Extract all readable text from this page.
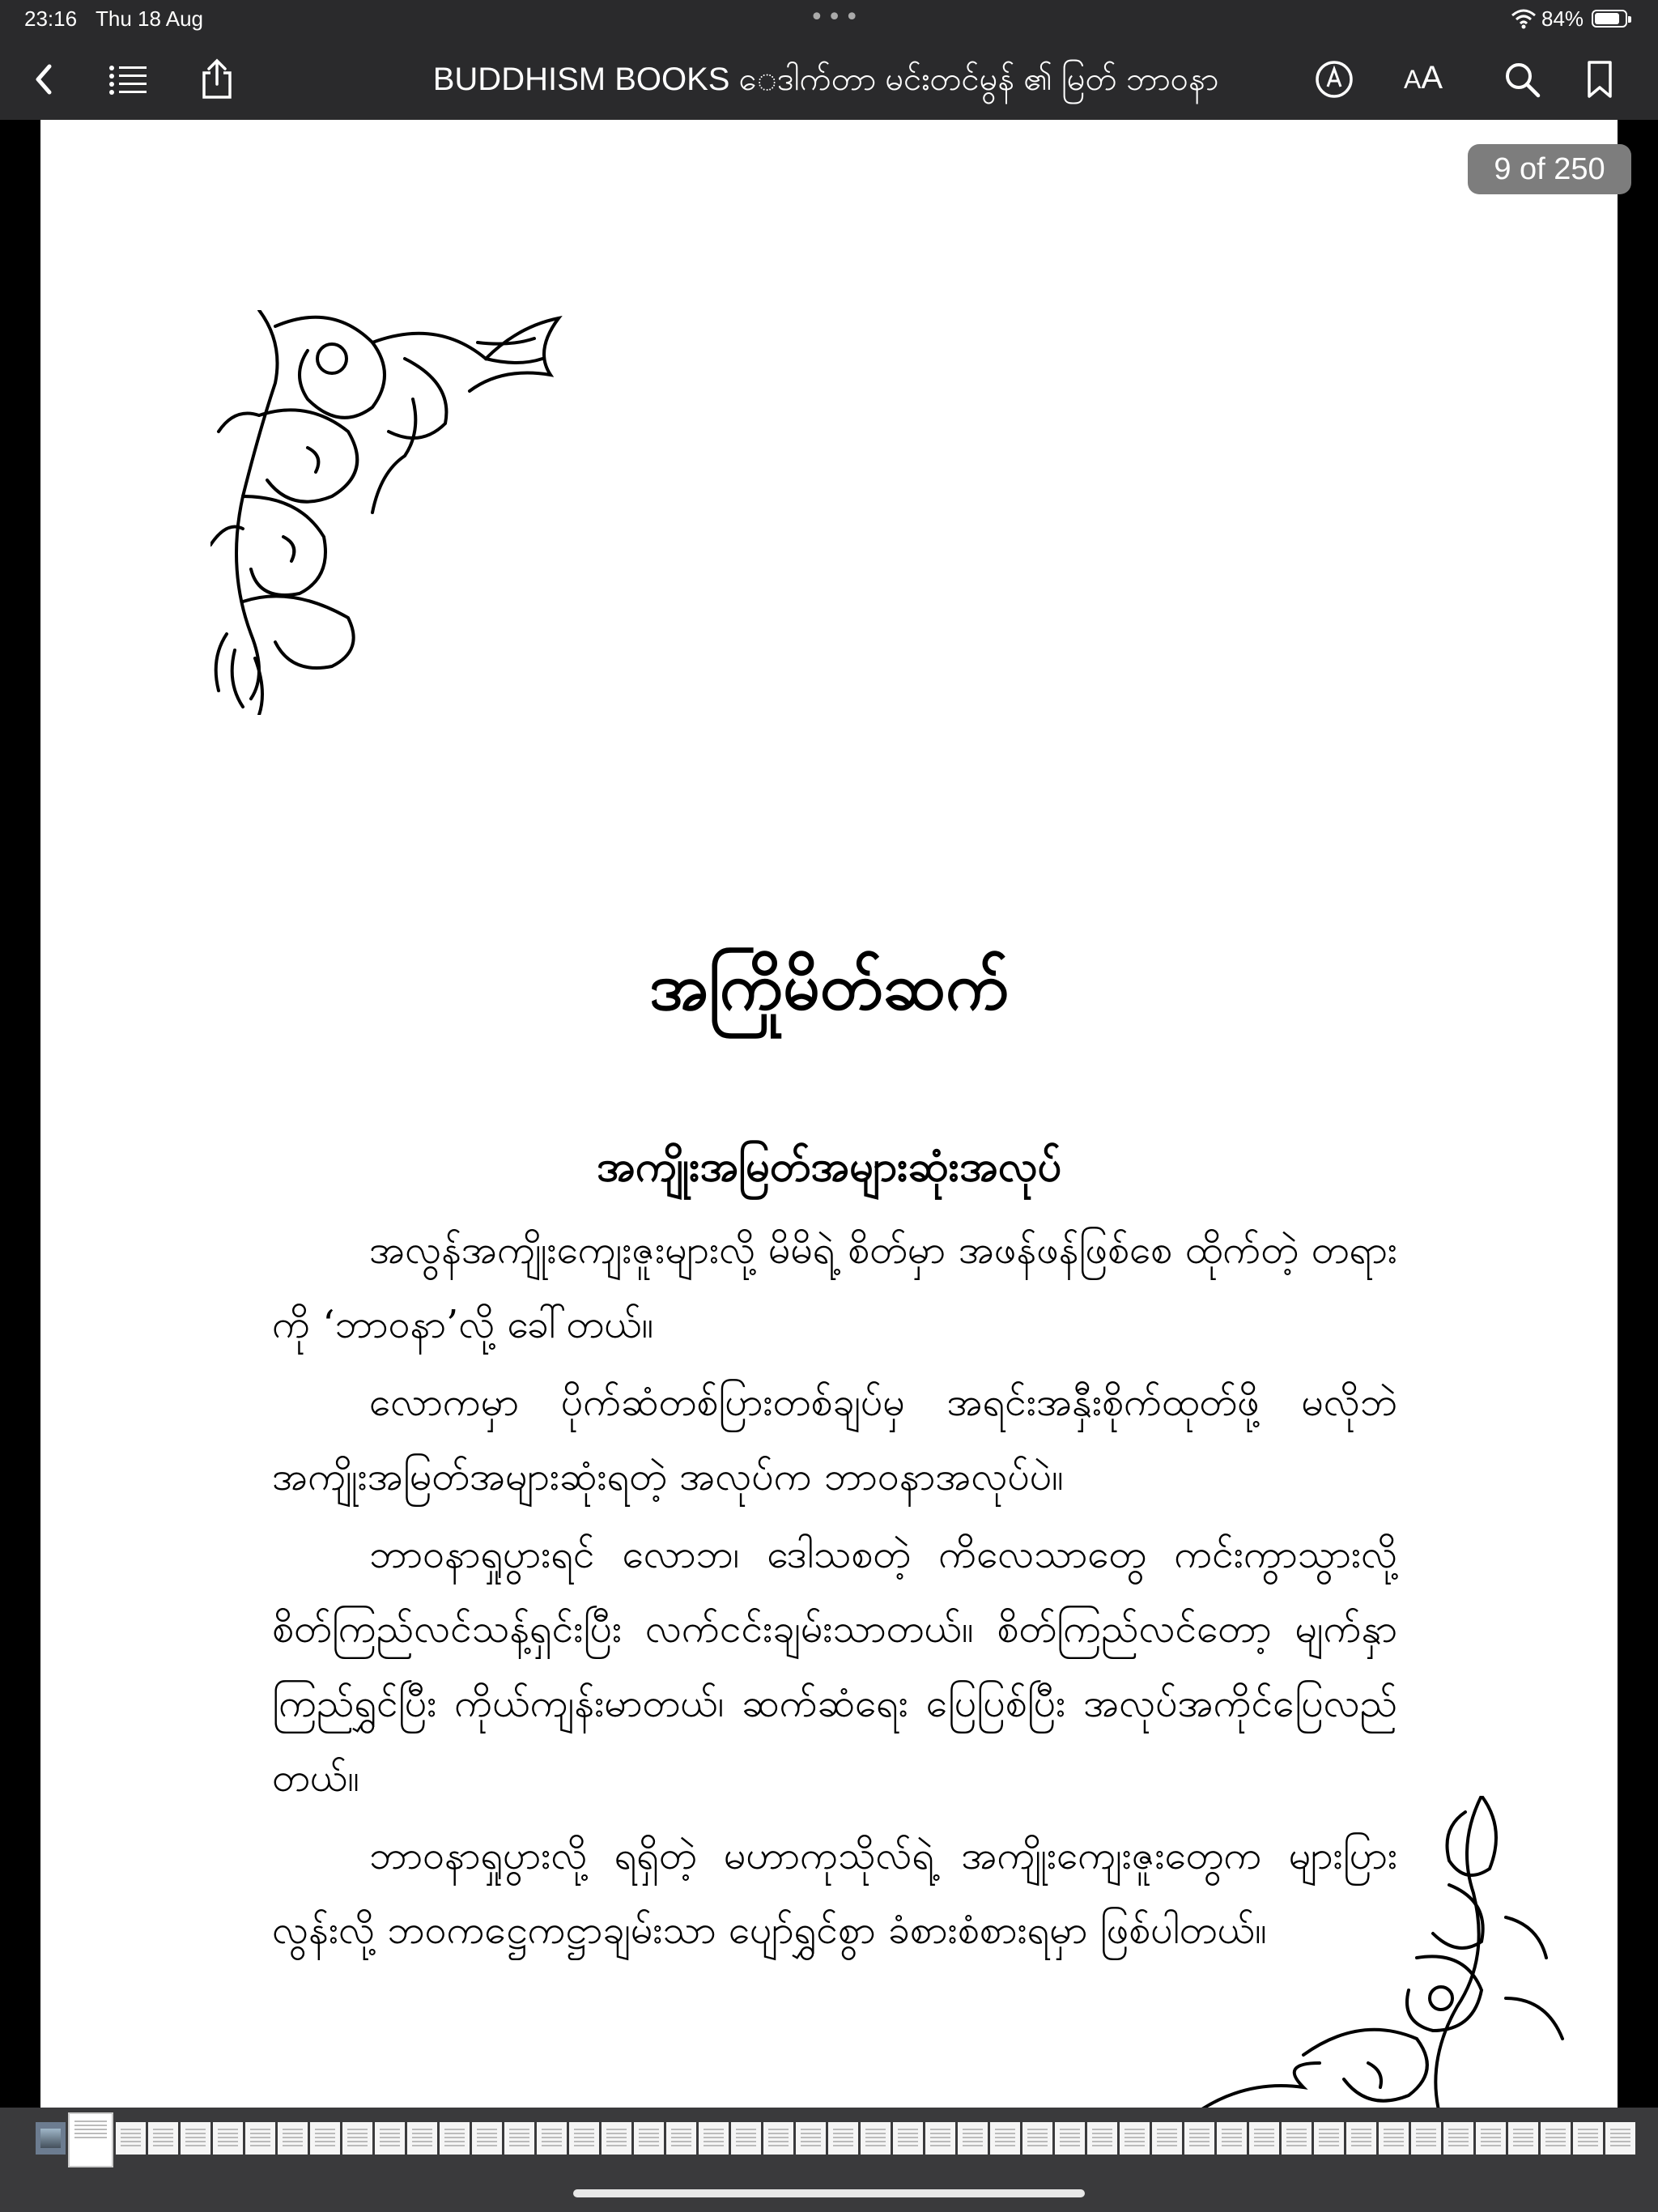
23:16 Thu 18 Aug	•••	84%
BUDDHISM BOOKS ေဒါက်တာ မင်းတင်မွန် ၏ မြတ် ဘာဝနာ	AA
အကြိုမိတ်ဆက်
အကျိုးအမြတ်အများဆုံးအလုပ်

အလွန်အကျိုးကျေးဇူးများလို့ မိမိရဲ့ စိတ်မှာ အဖန်ဖန်ဖြစ်စေ ထိုက်တဲ့ တရားကို ‘ဘာဝနာ’လို့ ခေါ်တယ်။

လောကမှာ ပိုက်ဆံတစ်ပြားတစ်ချပ်မှ အရင်းအနှီးစိုက်ထုတ်ဖို့ မလိုဘဲ အကျိုးအမြတ်အများဆုံးရတဲ့ အလုပ်က ဘာဝနာအလုပ်ပဲ။

ဘာဝနာရှုပွားရင် လောဘ၊ ဒေါသစတဲ့ ကိလေသာတွေ ကင်းကွာသွားလို့ စိတ်ကြည်လင်သန့်ရှင်းပြီး လက်ငင်းချမ်းသာတယ်။ စိတ်ကြည်လင်တော့ မျက်နှာကြည်ရွှင်ပြီး ကိုယ်ကျန်းမာတယ်၊ ဆက်ဆံရေး ပြေပြစ်ပြီး အလုပ်အကိုင်ပြေလည်တယ်။

ဘာဝနာရှုပွားလို့ ရရှိတဲ့ မဟာကုသိုလ်ရဲ့ အကျိုးကျေးဇူးတွေက များပြားလွန်းလို့ ဘဝကဋ္ဌေကဋ္ဌာချမ်းသာ ပျော်ရွှင်စွာ ခံစားစံစားရမှာ ဖြစ်ပါတယ်။

9 of 250
